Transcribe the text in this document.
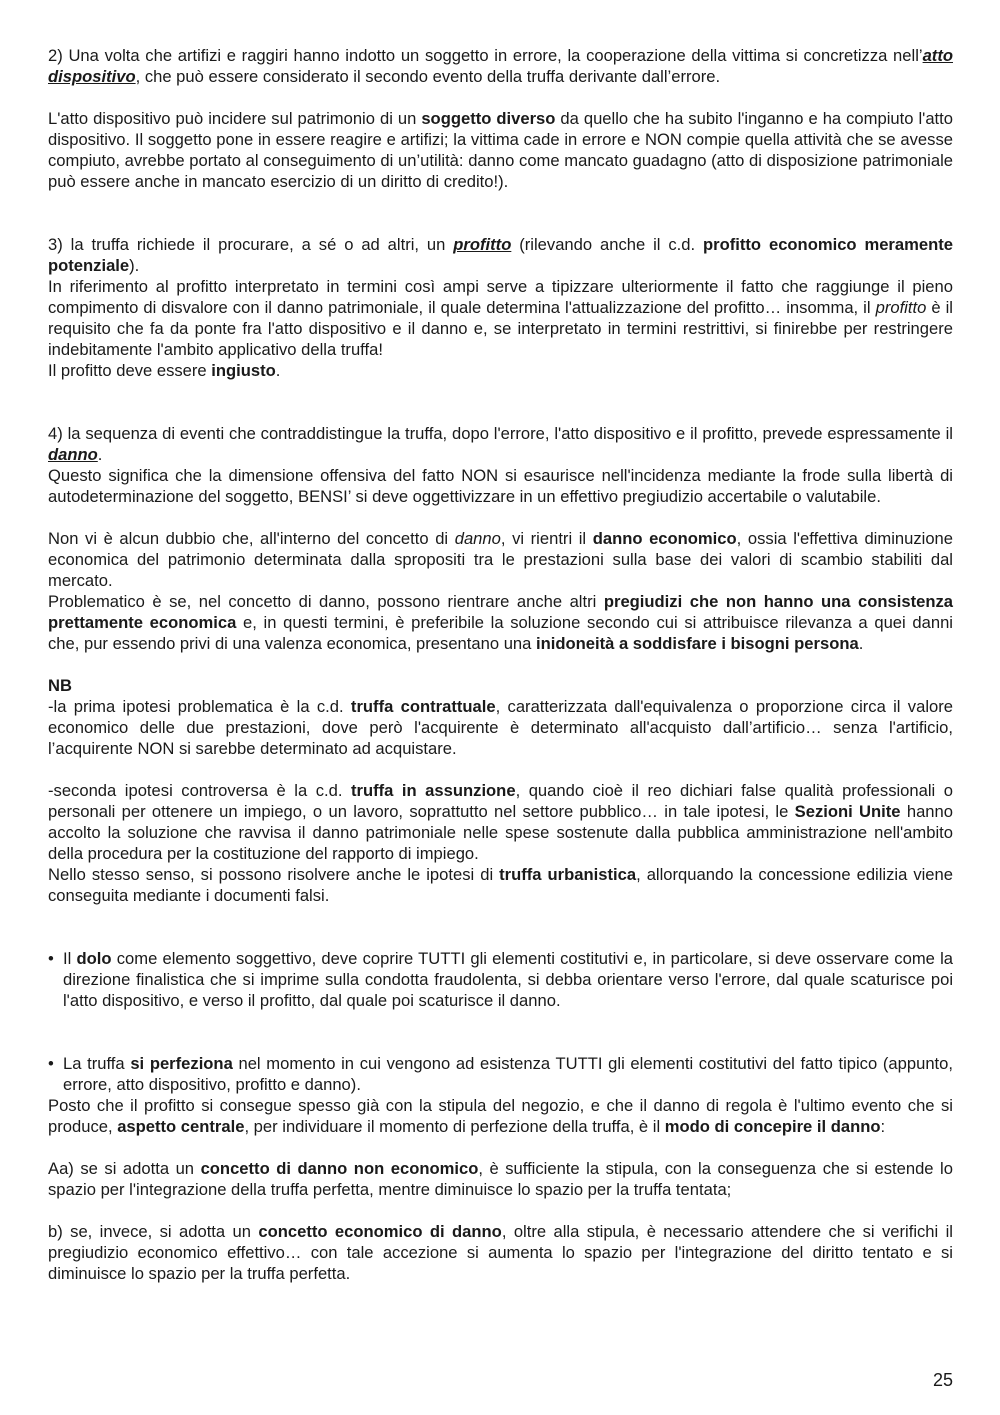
2) Una volta che artifizi e raggiri hanno indotto un soggetto in errore, la cooperazione della vittima si concretizza nell’atto dispositivo, che può essere considerato il secondo evento della truffa derivante dall’errore.

L'atto dispositivo può incidere sul patrimonio di un soggetto diverso da quello che ha subito l'inganno e ha compiuto l'atto dispositivo. Il soggetto pone in essere reagire e artifizi; la vittima cade in errore e NON compie quella attività che se avesse compiuto, avrebbe portato al conseguimento di un’utilità: danno come mancato guadagno (atto di disposizione patrimoniale può essere anche in mancato esercizio di un diritto di credito!).

3) la truffa richiede il procurare, a sé o ad altri, un profitto (rilevando anche il c.d. profitto economico meramente potenziale).

In riferimento al profitto interpretato in termini così ampi serve a tipizzare ulteriormente il fatto che raggiunge il pieno compimento di disvalore con il danno patrimoniale, il quale determina l'attualizzazione del profitto… insomma, il profitto è il requisito che fa da ponte fra l'atto dispositivo e il danno e, se interpretato in termini restrittivi, si finirebbe per restringere indebitamente l'ambito applicativo della truffa!

Il profitto deve essere ingiusto.

4) la sequenza di eventi che contraddistingue la truffa, dopo l'errore, l'atto dispositivo e il profitto, prevede espressamente il danno.

Questo significa che la dimensione offensiva del fatto NON si esaurisce nell'incidenza mediante la frode sulla libertà di autodeterminazione del soggetto, BENSI’ si deve oggettivizzare in un effettivo pregiudizio accertabile o valutabile.

Non vi è alcun dubbio che, all'interno del concetto di danno, vi rientri il danno economico, ossia l'effettiva diminuzione economica del patrimonio determinata dalla spropositi tra le prestazioni sulla base dei valori di scambio stabiliti dal mercato.

Problematico è se, nel concetto di danno, possono rientrare anche altri pregiudizi che non hanno una consistenza prettamente economica e, in questi termini, è preferibile la soluzione secondo cui si attribuisce rilevanza a quei danni che, pur essendo privi di una valenza economica, presentano una inidoneità a soddisfare i bisogni persona.

NB

-la prima ipotesi problematica è la c.d. truffa contrattuale, caratterizzata dall'equivalenza o proporzione circa il valore economico delle due prestazioni, dove però l'acquirente è determinato all'acquisto dall’artificio… senza l'artificio, l’acquirente NON si sarebbe determinato ad acquistare.

-seconda ipotesi controversa è la c.d. truffa in assunzione, quando cioè il reo dichiari false qualità professionali o personali per ottenere un impiego, o un lavoro, soprattutto nel settore pubblico… in tale ipotesi, le Sezioni Unite hanno accolto la soluzione che ravvisa il danno patrimoniale nelle spese sostenute dalla pubblica amministrazione nell'ambito della procedura per la costituzione del rapporto di impiego.

Nello stesso senso, si possono risolvere anche le ipotesi di truffa urbanistica, allorquando la concessione edilizia viene conseguita mediante i documenti falsi.

• Il dolo come elemento soggettivo, deve coprire TUTTI gli elementi costitutivi e, in particolare, si deve osservare come la direzione finalistica che si imprime sulla condotta fraudolenta, si debba orientare verso l'errore, dal quale scaturisce poi l'atto dispositivo, e verso il profitto, dal quale poi scaturisce il danno.

• La truffa si perfeziona nel momento in cui vengono ad esistenza TUTTI gli elementi costitutivi del fatto tipico (appunto, errore, atto dispositivo, profitto e danno).

Posto che il profitto si consegue spesso già con la stipula del negozio, e che il danno di regola è l'ultimo evento che si produce, aspetto centrale, per individuare il momento di perfezione della truffa, è il modo di concepire il danno:

Aa) se si adotta un concetto di danno non economico, è sufficiente la stipula, con la conseguenza che si estende lo spazio per l'integrazione della truffa perfetta, mentre diminuisce lo spazio per la truffa tentata;

b) se, invece, si adotta un concetto economico di danno, oltre alla stipula, è necessario attendere che si verifichi il pregiudizio economico effettivo… con tale accezione si aumenta lo spazio per l'integrazione del diritto tentato e si diminuisce lo spazio per la truffa perfetta.

25
